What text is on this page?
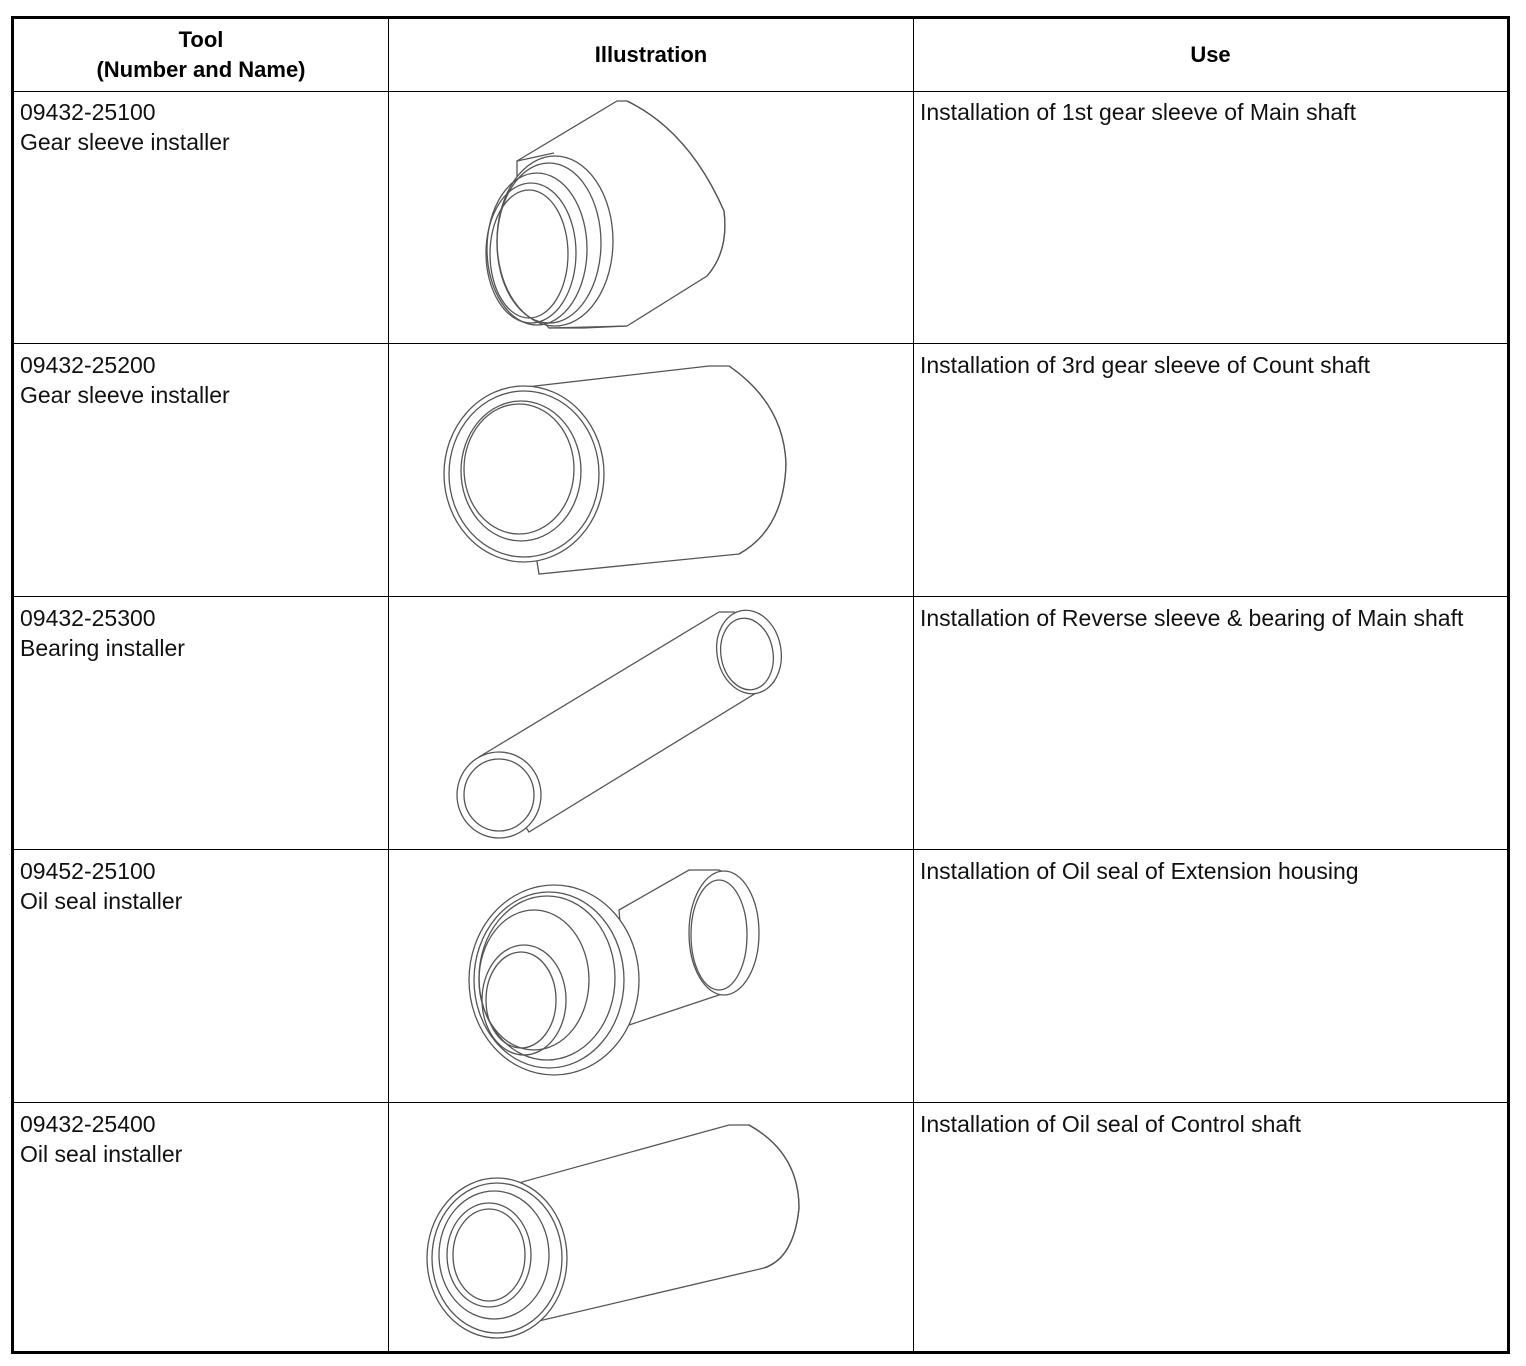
Tool
(Number and Name)
Illustration	Use
09432-25100
Gear sleeve installer
Installation of 1st gear sleeve of Main shaft
09432-25200
Gear sleeve installer
Installation of 3rd gear sleeve of Count shaft
09432-25300
Bearing installer
Installation of Reverse sleeve & bearing of Main shaft
09452-25100
Oil seal installer
Installation of Oil seal of Extension housing
09432-25400
Oil seal installer
Installation of Oil seal of Control shaft
